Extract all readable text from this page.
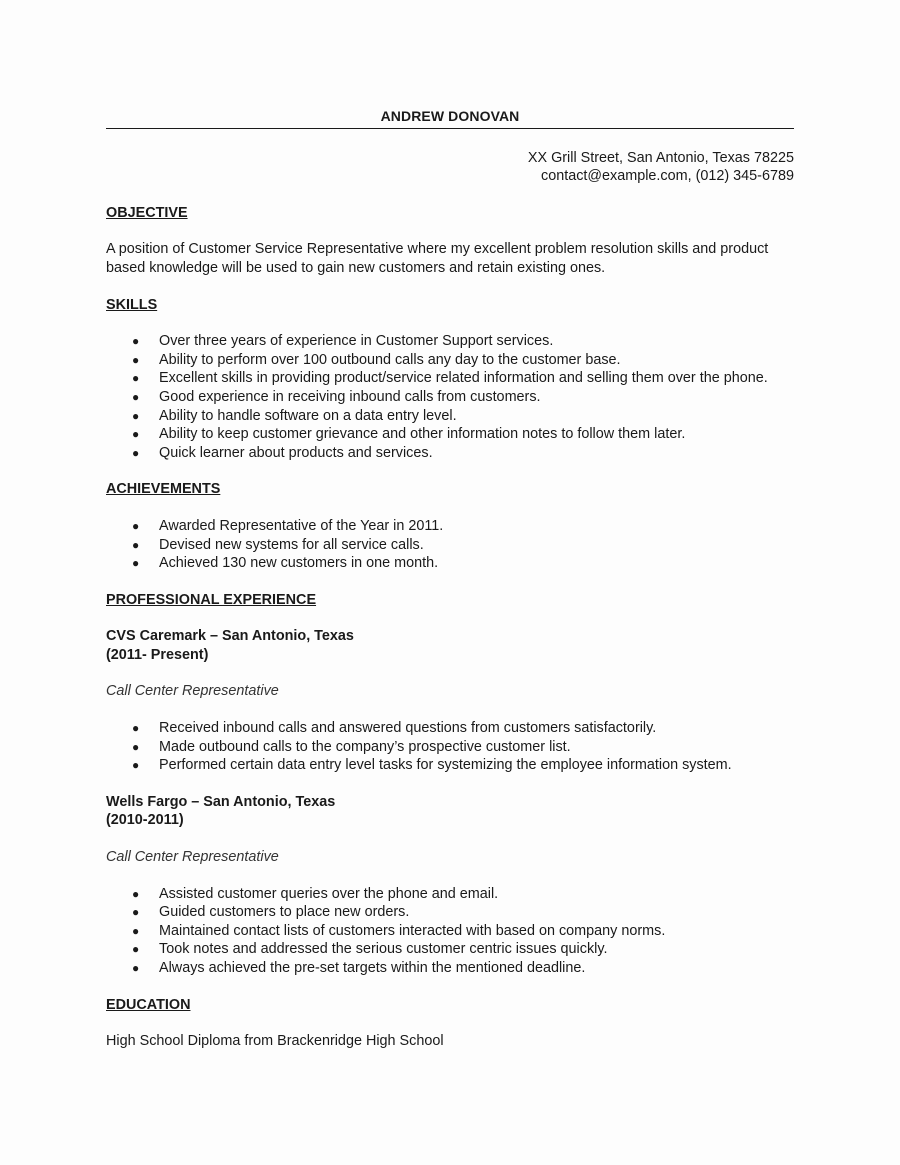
ANDREW DONOVAN
XX Grill Street, San Antonio, Texas 78225
contact@example.com, (012) 345-6789
OBJECTIVE
A position of Customer Service Representative where my excellent problem resolution skills and product
based knowledge will be used to gain new customers and retain existing ones.
SKILLS
● Over three years of experience in Customer Support services.
● Ability to perform over 100 outbound calls any day to the customer base.
● Excellent skills in providing product/service related information and selling them over the phone.
● Good experience in receiving inbound calls from customers.
● Ability to handle software on a data entry level.
● Ability to keep customer grievance and other information notes to follow them later.
● Quick learner about products and services.
ACHIEVEMENTS
● Awarded Representative of the Year in 2011.
● Devised new systems for all service calls.
● Achieved 130 new customers in one month.
PROFESSIONAL EXPERIENCE
CVS Caremark – San Antonio, Texas
(2011- Present)
Call Center Representative
● Received inbound calls and answered questions from customers satisfactorily.
● Made outbound calls to the company’s prospective customer list.
● Performed certain data entry level tasks for systemizing the employee information system.
Wells Fargo – San Antonio, Texas
(2010-2011)
Call Center Representative
● Assisted customer queries over the phone and email.
● Guided customers to place new orders.
● Maintained contact lists of customers interacted with based on company norms.
● Took notes and addressed the serious customer centric issues quickly.
● Always achieved the pre-set targets within the mentioned deadline.
EDUCATION
High School Diploma from Brackenridge High School
